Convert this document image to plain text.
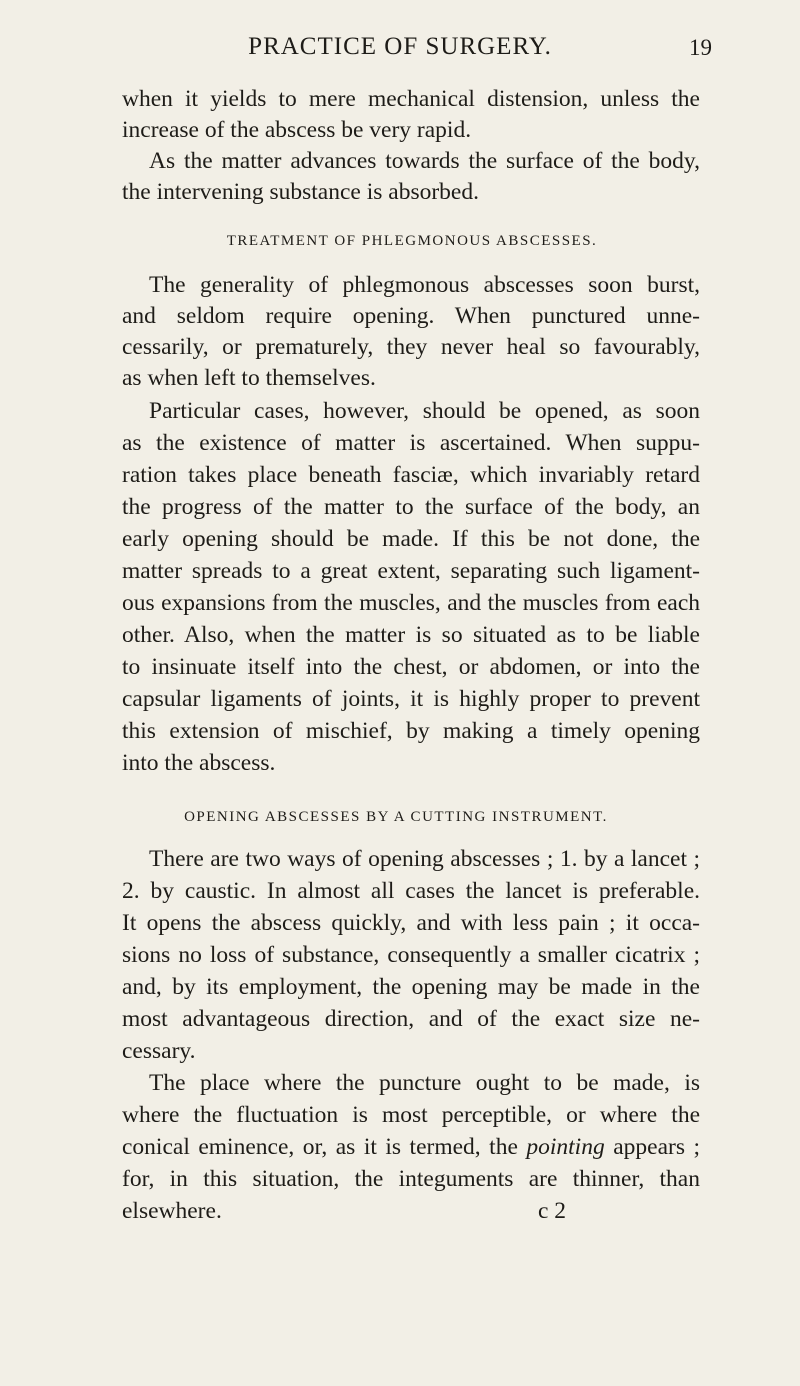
PRACTICE OF SURGERY.	19
when it yields to mere mechanical distension, unless the
increase of the abscess be very rapid.
As the matter advances towards the surface of the body,
the intervening substance is absorbed.
TREATMENT OF PHLEGMONOUS ABSCESSES.
The generality of phlegmonous abscesses soon burst,
and seldom require opening. When punctured unne-
cessarily, or prematurely, they never heal so favourably,
as when left to themselves.
Particular cases, however, should be opened, as soon
as the existence of matter is ascertained. When suppu-
ration takes place beneath fasciæ, which invariably retard
the progress of the matter to the surface of the body, an
early opening should be made. If this be not done, the
matter spreads to a great extent, separating such ligament-
ous expansions from the muscles, and the muscles from each
other. Also, when the matter is so situated as to be liable
to insinuate itself into the chest, or abdomen, or into the
capsular ligaments of joints, it is highly proper to prevent
this extension of mischief, by making a timely opening
into the abscess.
OPENING ABSCESSES BY A CUTTING INSTRUMENT.
There are two ways of opening abscesses ; 1. by a lancet ;
2. by caustic. In almost all cases the lancet is preferable.
It opens the abscess quickly, and with less pain ; it occa-
sions no loss of substance, consequently a smaller cicatrix ;
and, by its employment, the opening may be made in the
most advantageous direction, and of the exact size ne-
cessary.
The place where the puncture ought to be made, is
where the fluctuation is most perceptible, or where the
conical eminence, or, as it is termed, the pointing appears ;
for, in this situation, the integuments are thinner, than
elsewhere.	c 2
